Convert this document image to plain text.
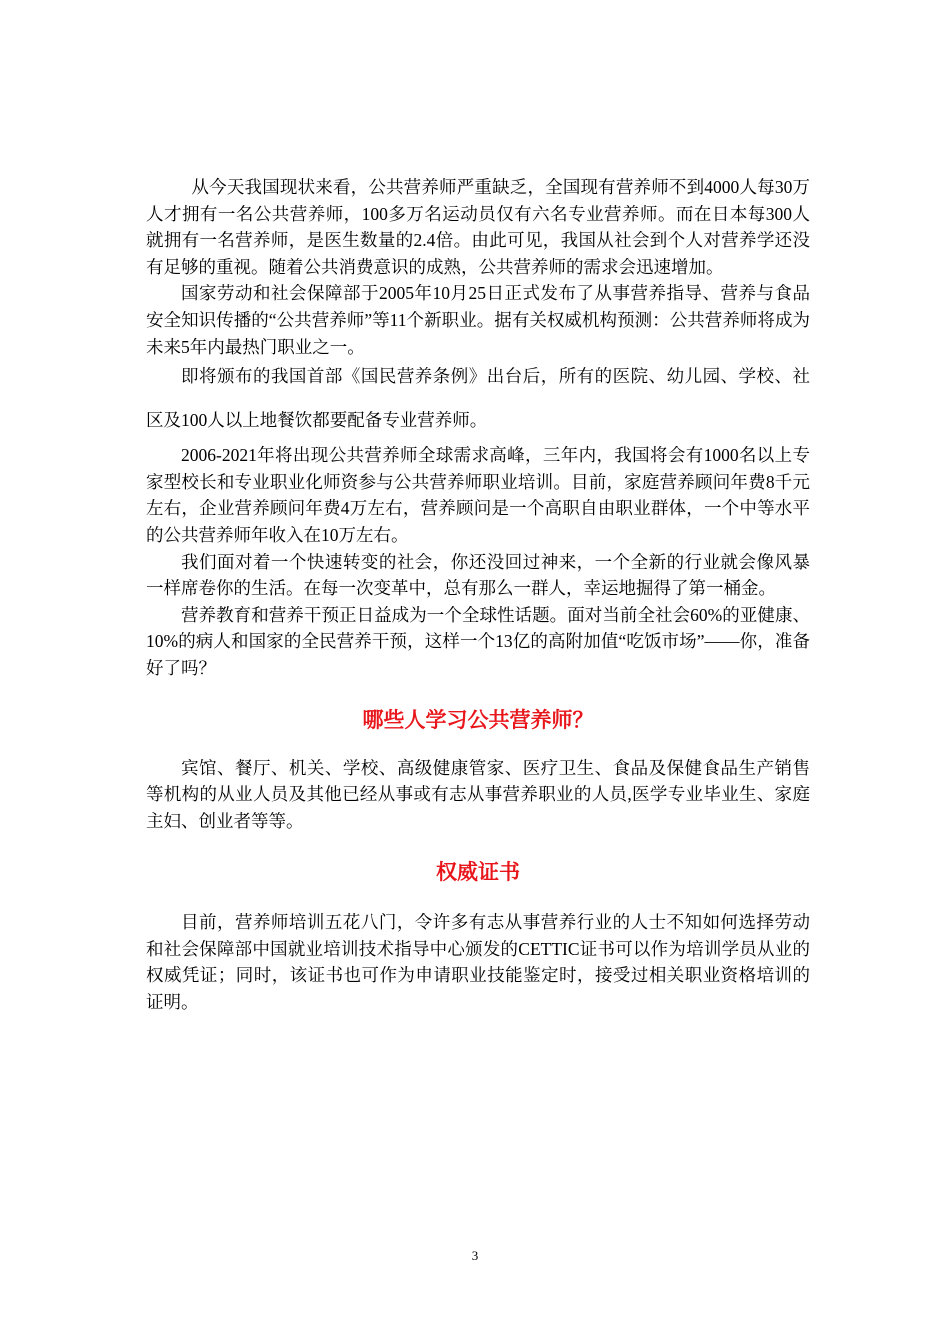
从今天我国现状来看，公共营养师严重缺乏，全国现有营养师不到4000人每30万人才拥有一名公共营养师，100多万名运动员仅有六名专业营养师。而在日本每300人就拥有一名营养师，是医生数量的2.4倍。由此可见，我国从社会到个人对营养学还没有足够的重视。随着公共消费意识的成熟，公共营养师的需求会迅速增加。

国家劳动和社会保障部于2005年10月25日正式发布了从事营养指导、营养与食品安全知识传播的“公共营养师”等11个新职业。据有关权威机构预测：公共营养师将成为未来5年内最热门职业之一。

即将颁布的我国首部《国民营养条例》出台后，所有的医院、幼儿园、学校、社区及100人以上地餐饮都要配备专业营养师。

2006-2021年将出现公共营养师全球需求高峰，三年内，我国将会有1000名以上专家型校长和专业职业化师资参与公共营养师职业培训。目前，家庭营养顾问年费8千元左右，企业营养顾问年费4万左右，营养顾问是一个高职自由职业群体，一个中等水平的公共营养师年收入在10万左右。

我们面对着一个快速转变的社会，你还没回过神来，一个全新的行业就会像风暴一样席卷你的生活。在每一次变革中，总有那么一群人，幸运地掘得了第一桶金。

营养教育和营养干预正日益成为一个全球性话题。面对当前全社会60%的亚健康、10%的病人和国家的全民营养干预，这样一个13亿的高附加值“吃饭市场”——你，准备好了吗？

哪些人学习公共营养师？

宾馆、餐厅、机关、学校、高级健康管家、医疗卫生、食品及保健食品生产销售等机构的从业人员及其他已经从事或有志从事营养职业的人员,医学专业毕业生、家庭主妇、创业者等等。

权威证书

目前，营养师培训五花八门，令许多有志从事营养行业的人士不知如何选择劳动和社会保障部中国就业培训技术指导中心颁发的CETTIC证书可以作为培训学员从业的权威凭证；同时，该证书也可作为申请职业技能鉴定时，接受过相关职业资格培训的证明。

3
